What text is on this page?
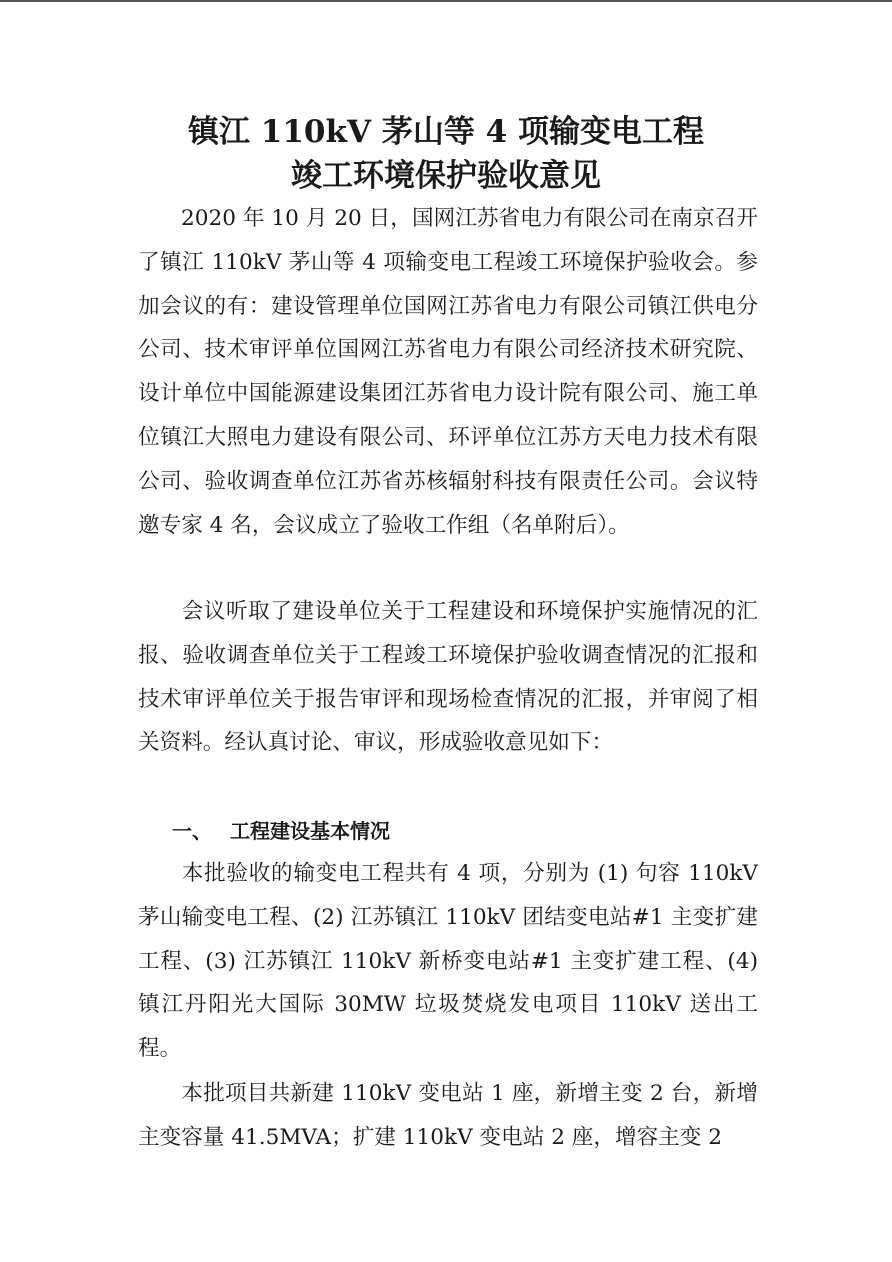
镇江 110kV 茅山等 4 项输变电工程
竣工环境保护验收意见
2020 年 10 月 20 日，国网江苏省电力有限公司在南京召开了镇江 110kV 茅山等 4 项输变电工程竣工环境保护验收会。参加会议的有：建设管理单位国网江苏省电力有限公司镇江供电分公司、技术审评单位国网江苏省电力有限公司经济技术研究院、设计单位中国能源建设集团江苏省电力设计院有限公司、施工单位镇江大照电力建设有限公司、环评单位江苏方天电力技术有限公司、验收调查单位江苏省苏核辐射科技有限责任公司。会议特邀专家 4 名，会议成立了验收工作组（名单附后）。
会议听取了建设单位关于工程建设和环境保护实施情况的汇报、验收调查单位关于工程竣工环境保护验收调查情况的汇报和技术审评单位关于报告审评和现场检查情况的汇报，并审阅了相关资料。经认真讨论、审议，形成验收意见如下：
一、 工程建设基本情况
本批验收的输变电工程共有 4 项，分别为 (1) 句容 110kV 茅山输变电工程、(2) 江苏镇江 110kV 团结变电站#1 主变扩建工程、(3) 江苏镇江 110kV 新桥变电站#1 主变扩建工程、(4) 镇江丹阳光大国际 30MW 垃圾焚烧发电项目 110kV 送出工程。
本批项目共新建 110kV 变电站 1 座，新增主变 2 台，新增主变容量 41.5MVA；扩建 110kV 变电站 2 座，增容主变 2
